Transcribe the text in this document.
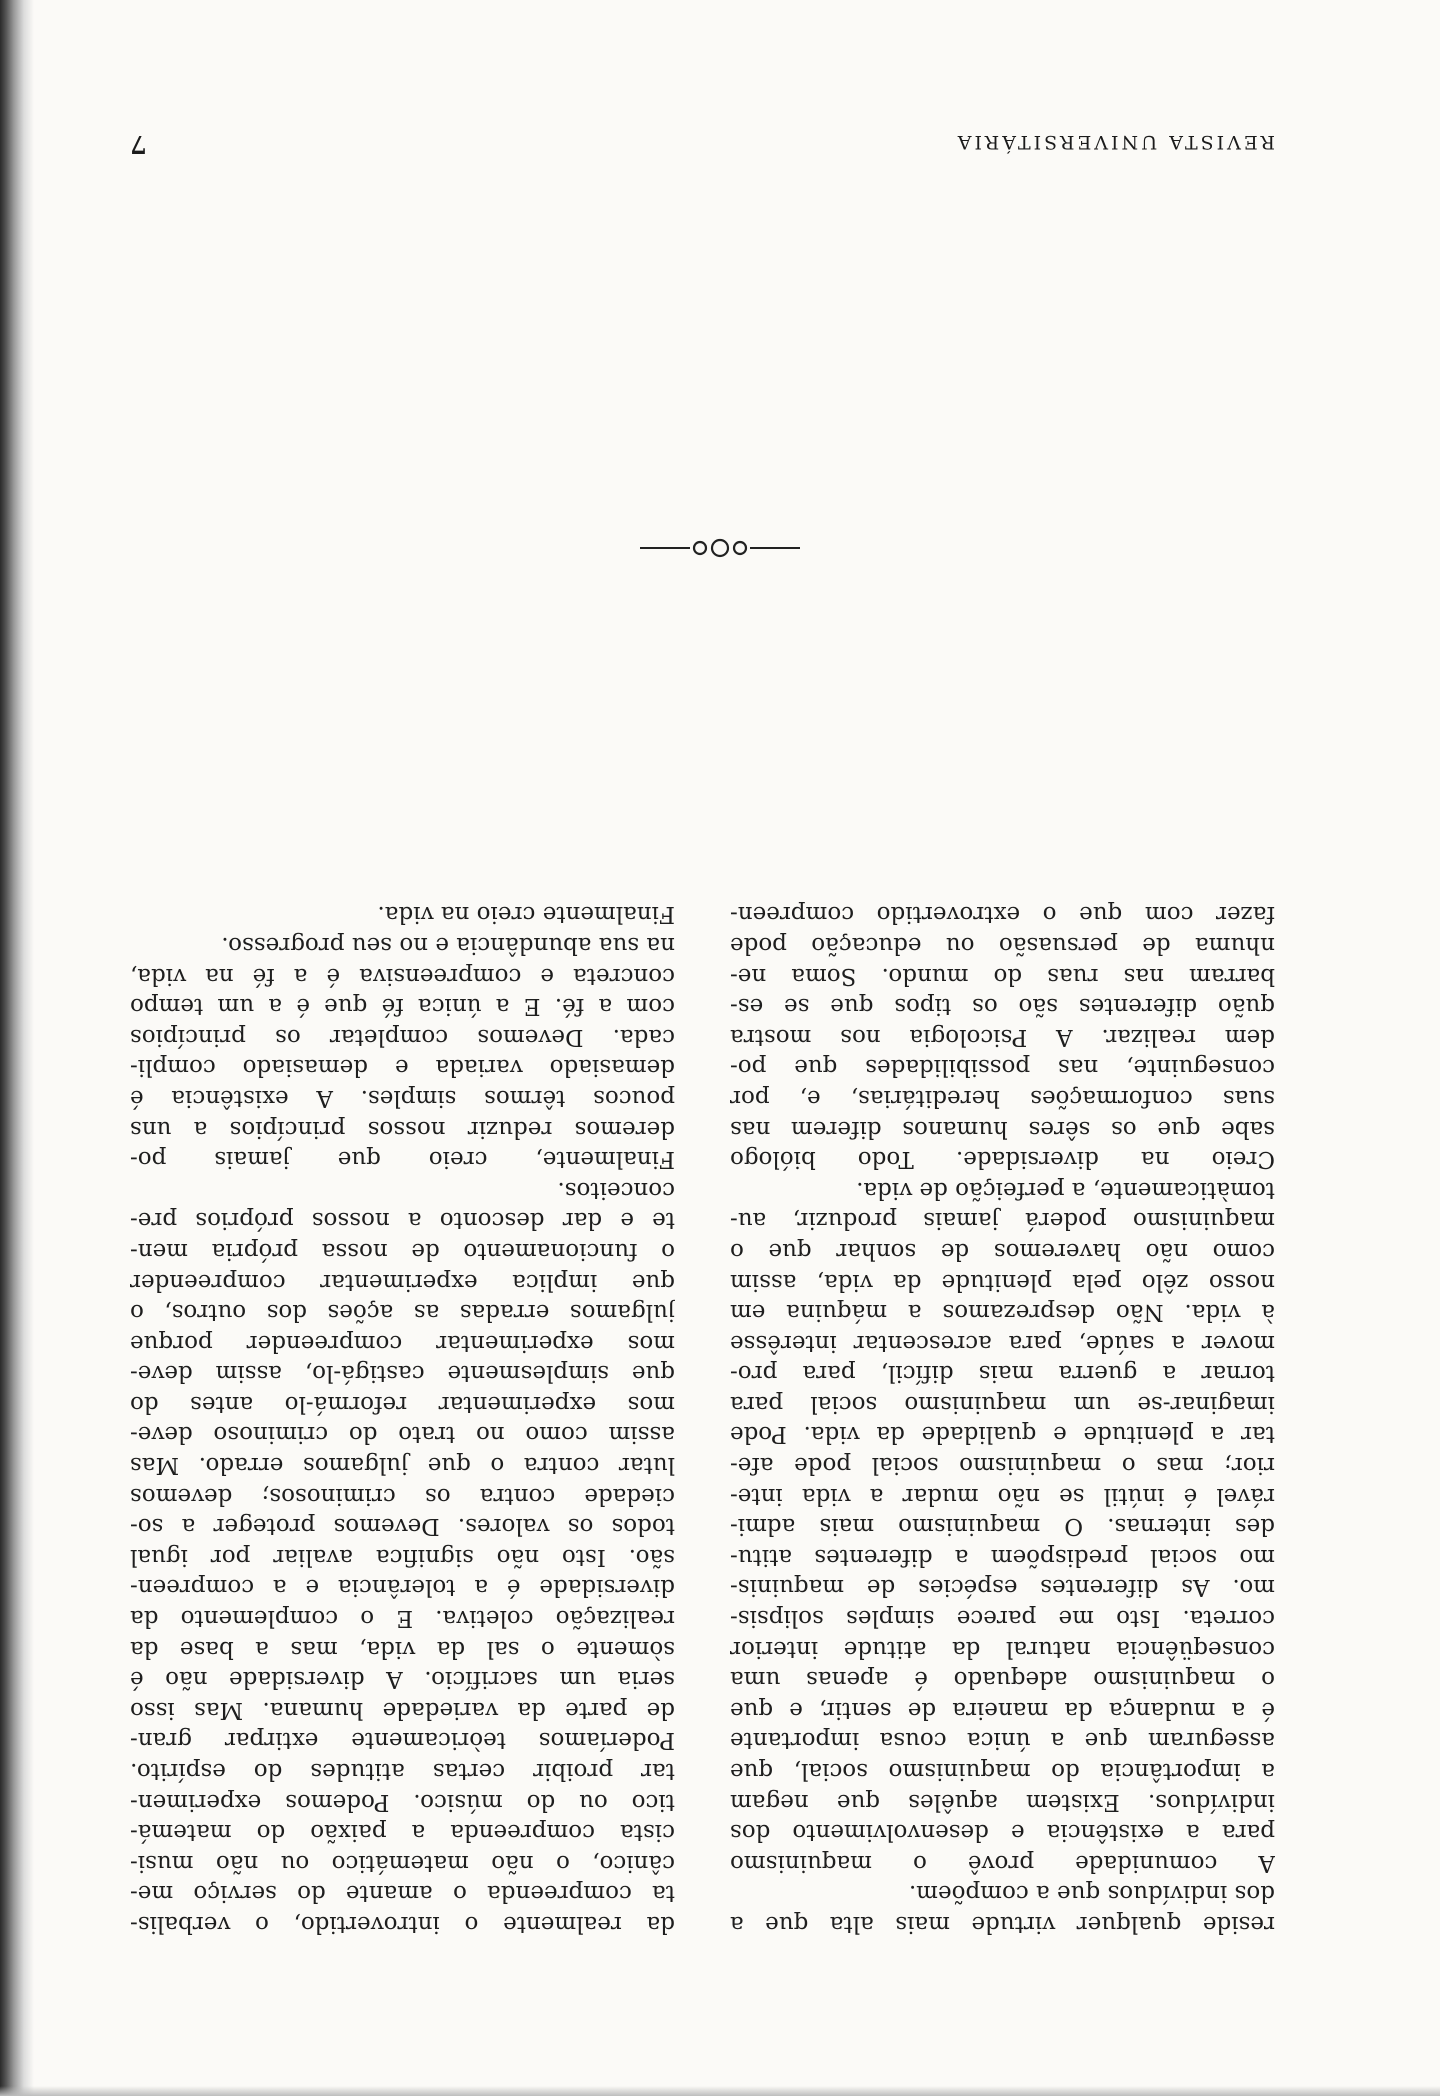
REVISTA UNIVERSITÁRIA
7
reside qualquer virtude mais alta que a
dos indivíduos que a compõem.
A comunidade provê o maquinismo
para a existência e desenvolvimento dos
indivíduos. Existem aquêles que negam
a importância do maquinismo social, que
asseguram que a única cousa importante
é a mudança da maneira de sentir, e que
o maquinismo adequado é apenas uma
conseqüência natural da atitude interior
correta. Isto me parece simples solipsis-
mo. As diferentes espécies de maquinis-
mo social predispõem a diferentes atitu-
des internas. O maquinismo mais admi-
rável é inútil se não mudar a vida inte-
rior; mas o maquinismo social pode afe-
tar a plenitude e qualidade da vida. Pode
imaginar-se um maquinismo social para
tornar a guerra mais difícil, para pro-
mover a saúde, para acrescentar interêsse
à vida. Não desprezamos a máquina em
nosso zêlo pela plenitude da vida, assim
como não haveremos de sonhar que o
maquinismo poderá jamais produzir, au-
tomàticamente, a perfeição de vida.
Creio na diversidade. Todo biólogo
sabe que os sêres humanos diferem nas
suas conformações hereditárias, e, por
conseguinte, nas possibilidades que po-
dem realizar. A Psicologia nos mostra
quão diferentes são os tipos que se es-
barram nas ruas do mundo. Soma ne-
nhuma de persuasão ou educação pode
fazer com que o extrovertido compreen-
da realmente o introvertido, o verbalis-
ta compreenda o amante do serviço me-
cânico, o não matemático ou não musi-
cista compreenda a paixão do matemá-
tico ou do músico. Podemos experimen-
tar proibir certas atitudes do espírito.
Poderíamos teòricamente extirpar gran-
de parte da variedade humana. Mas isso
seria um sacrifício. A diversidade não é
sòmente o sal da vida, mas a base da
realização coletiva. E o complemento da
diversidade é a tolerância e a compreen-
são. Isto não significa avaliar por igual
todos os valores. Devemos proteger a so-
ciedade contra os criminosos; devemos
lutar contra o que julgamos errado. Mas
assim como no trato do criminoso deve-
mos experimentar reformá-lo antes do
que simplesmente castigá-lo, assim deve-
mos experimentar compreender porque
julgamos erradas as ações dos outros, o
que implica experimentar compreender
o funcionamento de nossa própria men-
te e dar desconto a nossos próprios pre-
conceitos.
Finalmente, creio que jamais po-
deremos reduzir nossos princípios a uns
poucos têrmos simples. A existência é
demasiado variada e demasiado compli-
cada. Devemos completar os princípios
com a fé. E a única fé que é a um tempo
concreta e compreensiva é a fé na vida,
na sua abundância e no seu progresso.
Finalmente creio na vida.
